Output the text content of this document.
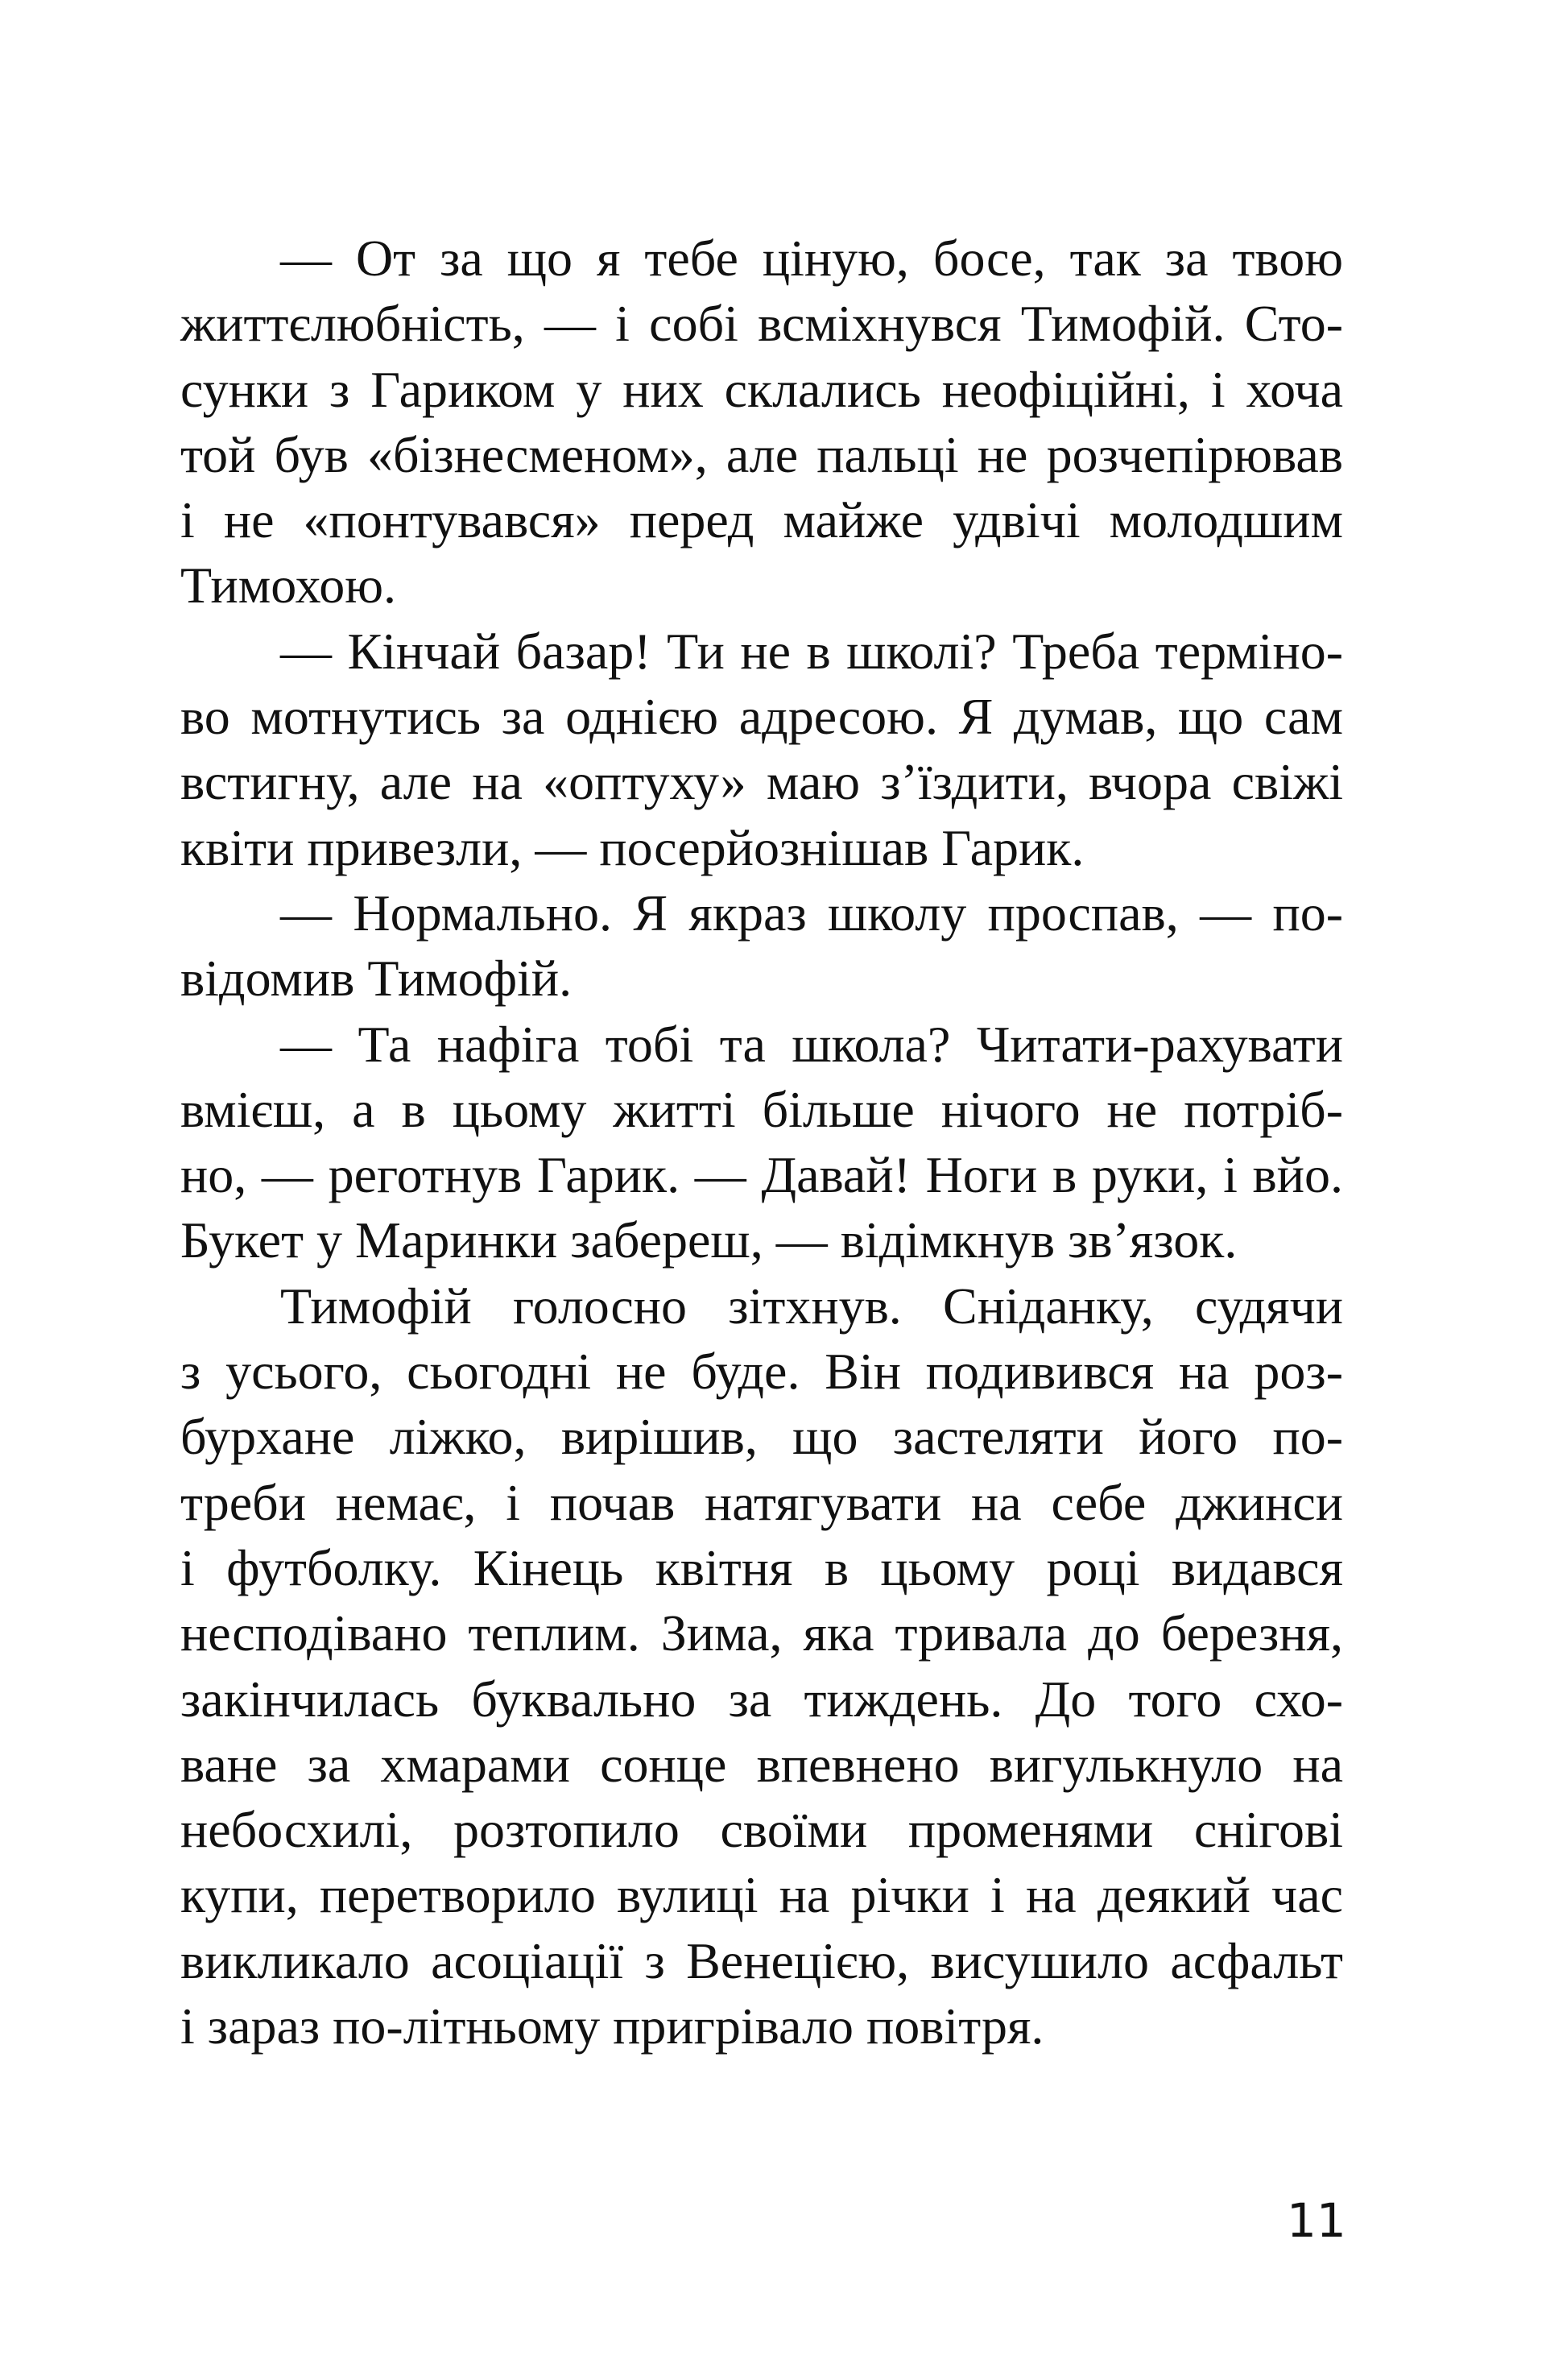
— От за що я тебе ціную, босе, так за твою
життєлюбність, — і собі всміхнувся Тимофій. Сто-
сунки з Гариком у них склались неофіційні, і хоча
той був «бізнесменом», але пальці не розчепірював
і не «понтувався» перед майже удвічі молодшим
Тимохою.
— Кінчай базар! Ти не в школі? Треба терміно-
во мотнутись за однією адресою. Я думав, що сам
встигну, але на «оптуху» маю з’їздити, вчора свіжі
квіти привезли, — посерйознішав Гарик.
— Нормально. Я якраз школу проспав, — по-
відомив Тимофій.
— Та нафіга тобі та школа? Читати-рахувати
вмієш, а в цьому житті більше нічого не потріб-
но, — реготнув Гарик. — Давай! Ноги в руки, і вйо.
Букет у Маринки забереш, — відімкнув зв’язок.
Тимофій голосно зітхнув. Сніданку, судячи
з усього, сьогодні не буде. Він подивився на роз-
бурхане ліжко, вирішив, що застеляти його по-
треби немає, і почав натягувати на себе джинси
і футболку. Кінець квітня в цьому році видався
несподівано теплим. Зима, яка тривала до березня,
закінчилась буквально за тиждень. До того схо-
ване за хмарами сонце впевнено вигулькнуло на
небосхилі, розтопило своїми променями снігові
купи, перетворило вулиці на річки і на деякий час
викликало асоціації з Венецією, висушило асфальт
і зараз по-літньому пригрівало повітря.
11
